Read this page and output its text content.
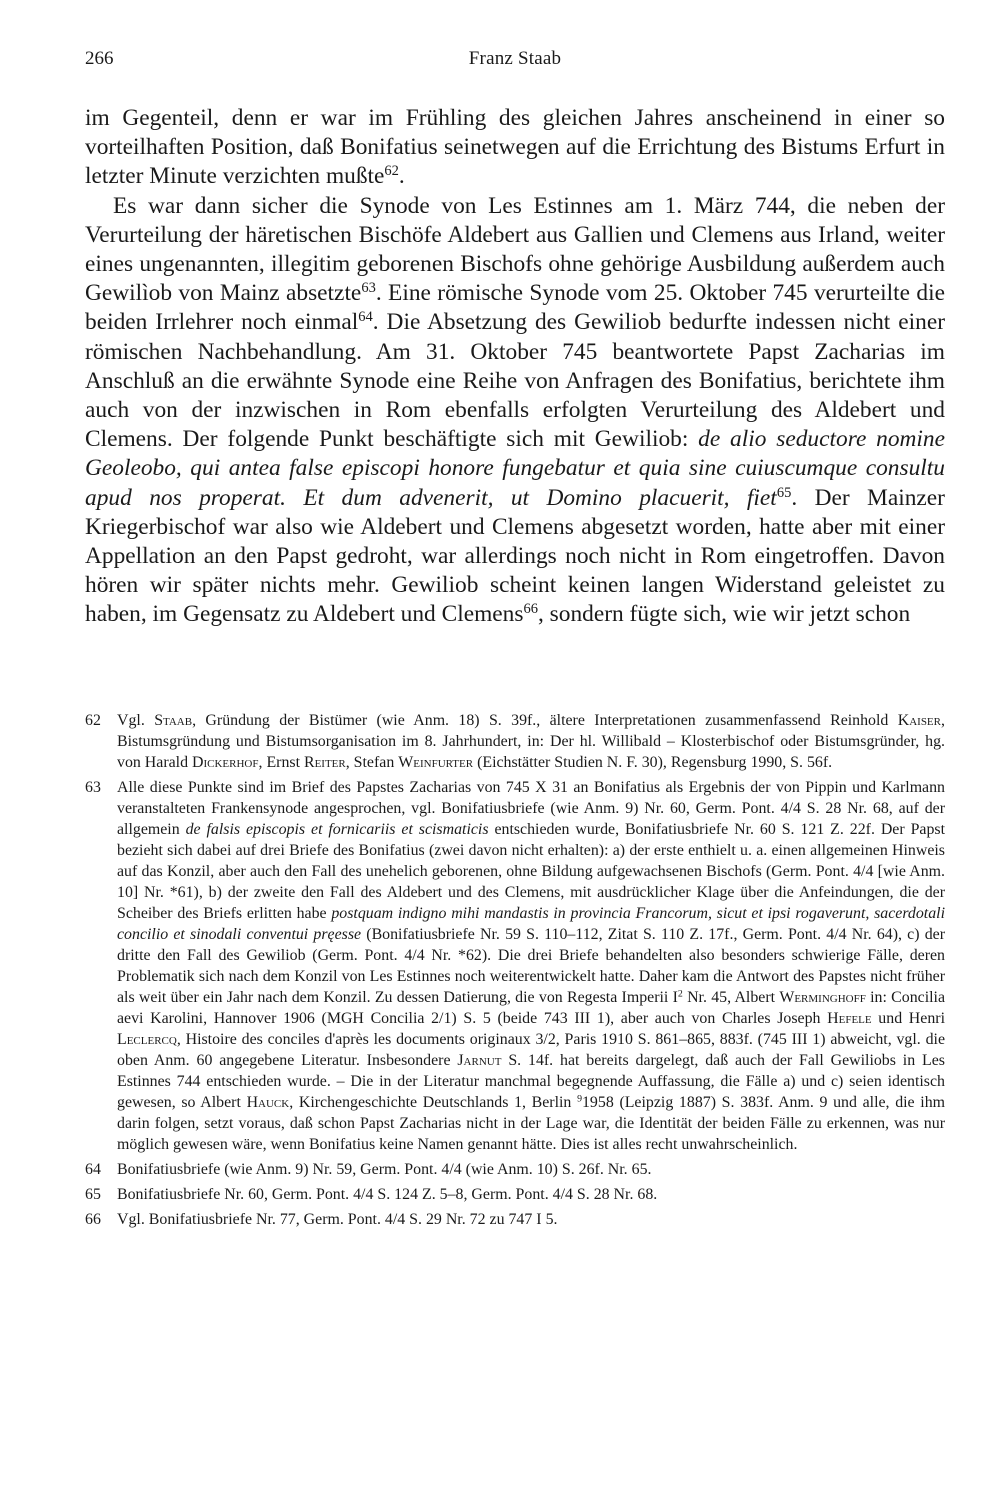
266	Franz Staab

im Gegenteil, denn er war im Frühling des gleichen Jahres anscheinend in einer so vorteilhaften Position, daß Bonifatius seinetwegen auf die Errichtung des Bistums Erfurt in letzter Minute verzichten mußte$^{62}$.

Es war dann sicher die Synode von Les Estinnes am 1. März 744, die neben der Verurteilung der häretischen Bischöfe Aldebert aus Gallien und Clemens aus Irland, weiter eines ungenannten, illegitim geborenen Bischofs ohne gehörige Ausbildung außerdem auch Gewilìob von Mainz absetzte$^{63}$. Eine römische Synode vom 25. Oktober 745 verurteilte die beiden Irrlehrer noch einmal$^{64}$. Die Absetzung des Gewiliob bedurfte indessen nicht einer römischen Nachbehandlung. Am 31. Oktober 745 beantwortete Papst Zacharias im Anschluß an die erwähnte Synode eine Reihe von Anfragen des Bonifatius, berichtete ihm auch von der inzwischen in Rom ebenfalls erfolgten Verurteilung des Aldebert und Clemens. Der folgende Punkt beschäftigte sich mit Gewiliob: de alio seductore nomine Geoleobo, qui antea false episcopi honore fungebatur et quia sine cuiuscumque consultu apud nos properat. Et dum advenerit, ut Domino placuerit, fiet$^{65}$. Der Mainzer Kriegerbischof war also wie Aldebert und Clemens abgesetzt worden, hatte aber mit einer Appellation an den Papst gedroht, war allerdings noch nicht in Rom eingetroffen. Davon hören wir später nichts mehr. Gewiliob scheint keinen langen Widerstand geleistet zu haben, im Gegensatz zu Aldebert und Clemens$^{66}$, sondern fügte sich, wie wir jetzt schon

62 Vgl. Staab, Gründung der Bistümer (wie Anm. 18) S. 39f., ältere Interpretationen zusammenfassend Reinhold Kaiser, Bistumsgründung und Bistumsorganisation im 8. Jahrhundert, in: Der hl. Willibald – Klosterbischof oder Bistumsgründer, hg. von Harald Dickerhof, Ernst Reiter, Stefan Weinfurter (Eichstätter Studien N. F. 30), Regensburg 1990, S. 56f.
63 Alle diese Punkte sind im Brief des Papstes Zacharias von 745 X 31 an Bonifatius als Ergebnis der von Pippin und Karlmann veranstalteten Frankensynode angesprochen, vgl. Bonifatiusbriefe (wie Anm. 9) Nr. 60, Germ. Pont. 4/4 S. 28 Nr. 68, auf der allgemein de falsis episcopis et fornicariis et scismaticis entschieden wurde, Bonifatiusbriefe Nr. 60 S. 121 Z. 22f. Der Papst bezieht sich dabei auf drei Briefe des Bonifatius (zwei davon nicht erhalten): a) der erste enthielt u. a. einen allgemeinen Hinweis auf das Konzil, aber auch den Fall des unehelich geborenen, ohne Bildung aufgewachsenen Bischofs (Germ. Pont. 4/4 [wie Anm. 10] Nr. *61), b) der zweite den Fall des Aldebert und des Clemens, mit ausdrücklicher Klage über die Anfeindungen, die der Scheiber des Briefs erlitten habe postquam indigno mihi mandastis in provincia Francorum, sicut et ipsi rogaverunt, sacerdotali concilio et sinodali conventui pręesse (Bonifatiusbriefe Nr. 59 S. 110–112, Zitat S. 110 Z. 17f., Germ. Pont. 4/4 Nr. 64), c) der dritte den Fall des Gewiliob (Germ. Pont. 4/4 Nr. *62). Die drei Briefe behandelten also besonders schwierige Fälle, deren Problematik sich nach dem Konzil von Les Estinnes noch weiterentwickelt hatte. Daher kam die Antwort des Papstes nicht früher als weit über ein Jahr nach dem Konzil. Zu dessen Datierung, die von Regesta Imperii $I^2$ Nr. 45, Albert Werminghoff in: Concilia aevi Karolini, Hannover 1906 (MGH Concilia 2/1) S. 5 (beide 743 III 1), aber auch von Charles Joseph Hefele und Henri Leclercq, Histoire des conciles d'après les documents originaux 3/2, Paris 1910 S. 861–865, 883f. (745 III 1) abweicht, vgl. die oben Anm. 60 angegebene Literatur. Insbesondere Jarnut S. 14f. hat bereits dargelegt, daß auch der Fall Gewiliobs in Les Estinnes 744 entschieden wurde. – Die in der Literatur manchmal begegnende Auffassung, die Fälle a) und c) seien identisch gewesen, so Albert Hauck, Kirchengeschichte Deutschlands 1, Berlin $^9$1958 (Leipzig 1887) S. 383f. Anm. 9 und alle, die ihm darin folgen, setzt voraus, daß schon Papst Zacharias nicht in der Lage war, die Identität der beiden Fälle zu erkennen, was nur möglich gewesen wäre, wenn Bonifatius keine Namen genannt hätte. Dies ist alles recht unwahrscheinlich.
64 Bonifatiusbriefe (wie Anm. 9) Nr. 59, Germ. Pont. 4/4 (wie Anm. 10) S. 26f. Nr. 65.
65 Bonifatiusbriefe Nr. 60, Germ. Pont. 4/4 S. 124 Z. 5–8, Germ. Pont. 4/4 S. 28 Nr. 68.
66 Vgl. Bonifatiusbriefe Nr. 77, Germ. Pont. 4/4 S. 29 Nr. 72 zu 747 I 5.
